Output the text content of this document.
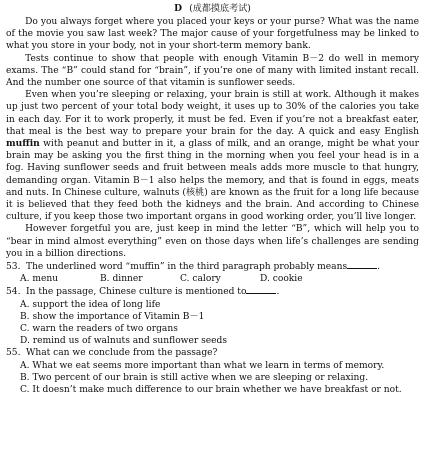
D (成都摸底考试)

Do you always forget where you placed your keys or your purse? What was the name of the movie you saw last week? The major cause of your forgetfulness may be linked to what you store in your body, not in your short-term memory bank.

Tests continue to show that people with enough Vitamin B－2 do well in memory exams. The “B” could stand for “brain”, if you’re one of many with limited instant recall. And the number one source of that vitamin is sunflower seeds.

Even when you’re sleeping or relaxing, your brain is still at work. Although it makes up just two percent of your total body weight, it uses up to 30% of the calories you take in each day. For it to work properly, it must be fed. Even if you’re not a breakfast eater, that meal is the best way to prepare your brain for the day. A quick and easy English muffin with peanut and butter in it, a glass of milk, and an orange, might be what your brain may be asking you the first thing in the morning when you feel your head is in a fog. Having sunflower seeds and fruit between meals adds more muscle to that hungry, demanding organ. Vitamin B－1 also helps the memory, and that is found in eggs, meats and nuts. In Chinese culture, walnuts (核桃) are known as the fruit for a long life because it is believed that they feed both the kidneys and the brain. And according to Chinese culture, if you keep those two important organs in good working order, you’ll live longer.

However forgetful you are, just keep in mind the letter “B”, which will help you to “bear in mind almost everything” even on those days when life’s challenges are sending you in a billion directions.

53. The underlined word “muffin” in the third paragraph probably means	.

A. menu	B. dinner	C. calory	D. cookie

54. In the passage, Chinese culture is mentioned to	.

A. support the idea of long life

B. show the importance of Vitamin B－1

C. warn the readers of two organs

D. remind us of walnuts and sunflower seeds

55. What can we conclude from the passage?

A. What we eat seems more important than what we learn in terms of memory.

B. Two percent of our brain is still active when we are sleeping or relaxing.

C. It doesn’t make much difference to our brain whether we have breakfast or not.
